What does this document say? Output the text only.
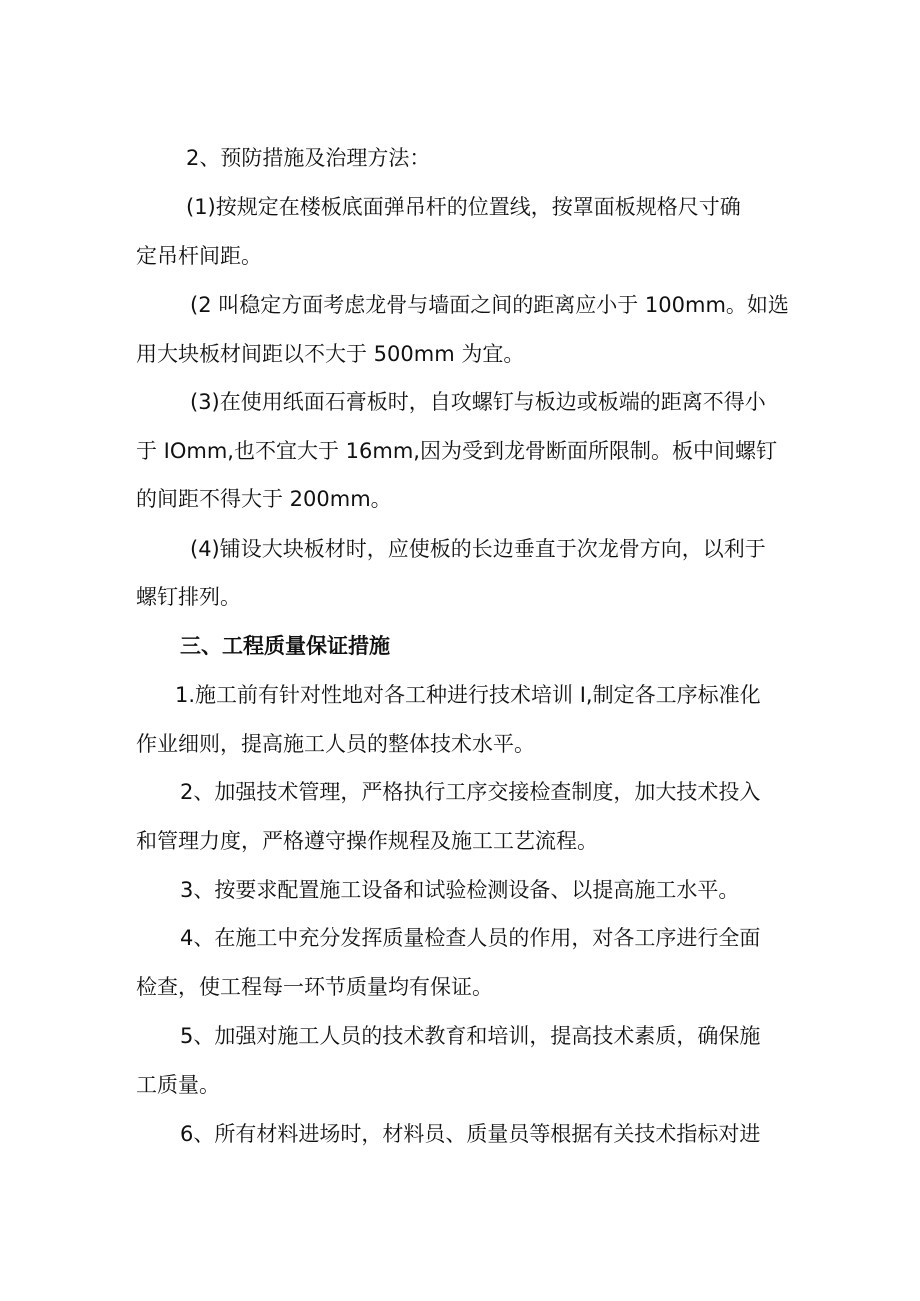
2、预防措施及治理方法：
(1)按规定在楼板底面弹吊杆的位置线，按罩面板规格尺寸确
定吊杆间距。
(2 叫稳定方面考虑龙骨与墙面之间的距离应小于 100mm。如选
用大块板材间距以不大于 500mm 为宜。
(3)在使用纸面石膏板时，自攻螺钉与板边或板端的距离不得小
于 IOmm,也不宜大于 16mm,因为受到龙骨断面所限制。板中间螺钉
的间距不得大于 200mm。
(4)铺设大块板材时，应使板的长边垂直于次龙骨方向，以利于
螺钉排列。
三、工程质量保证措施
1.施工前有针对性地对各工种进行技术培训 I,制定各工序标准化
作业细则，提高施工人员的整体技术水平。
2、加强技术管理，严格执行工序交接检查制度，加大技术投入
和管理力度，严格遵守操作规程及施工工艺流程。
3、按要求配置施工设备和试验检测设备、以提高施工水平。
4、在施工中充分发挥质量检查人员的作用，对各工序进行全面
检查，使工程每一环节质量均有保证。
5、加强对施工人员的技术教育和培训，提高技术素质，确保施
工质量。
6、所有材料进场时，材料员、质量员等根据有关技术指标对进
